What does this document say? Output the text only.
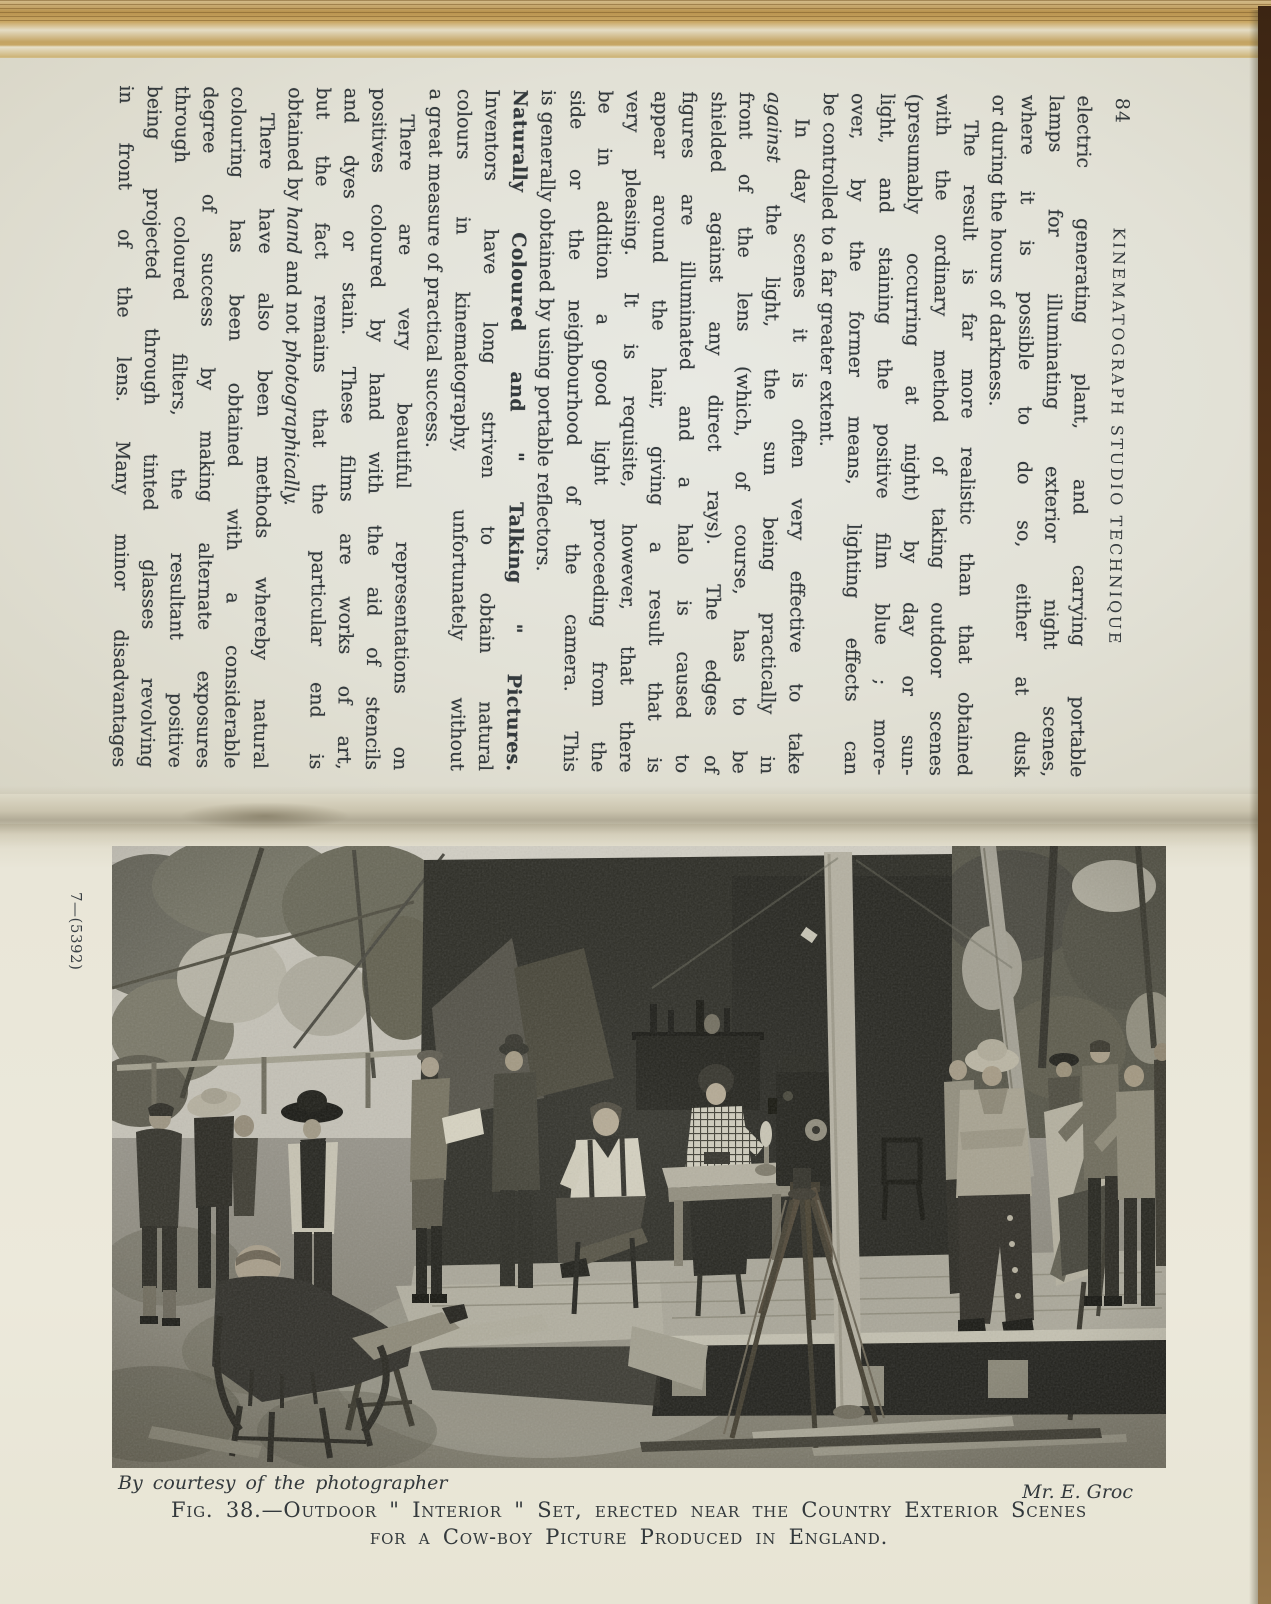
84
KINEMATOGRAPH STUDIO TECHNIQUE
electric generating plant, and carrying portable
lamps for illuminating exterior night scenes,
where it is possible to do so, either at dusk
or during the hours of darkness.
The result is far more realistic than that obtained
with the ordinary method of taking outdoor scenes
(presumably occurring at night) by day or sun-
light, and staining the positive film blue ; more-
over, by the former means, lighting effects can
be controlled to a far greater extent.
In day scenes it is often very effective to take
against the light, the sun being practically in
front of the lens (which, of course, has to be
shielded against any direct rays). The edges of
figures are illuminated and a halo is caused to
appear around the hair, giving a result that is
very pleasing. It is requisite, however, that there
be in addition a good light proceeding from the
side or the neighbourhood of the camera. This
is generally obtained by using portable reflectors.
Naturally Coloured and " Talking " Pictures.
Inventors have long striven to obtain natural
colours in kinematography, unfortunately without
a great measure of practical success.
There are very beautiful representations on
positives coloured by hand with the aid of stencils
and dyes or stain. These films are works of art,
but the fact remains that the particular end is
obtained by hand and not photographically.
There have also been methods whereby natural
colouring has been obtained with a considerable
degree of success by making alternate exposures
through coloured filters, the resultant positive
being projected through tinted glasses revolving
in front of the lens. Many minor disadvantages
7—(5392)
By courtesy of the photographer	Mr. E. Groc
Fig. 38.—Outdoor " Interior " Set, erected near the Country Exterior Scenes
for a Cow-boy Picture Produced in England.
